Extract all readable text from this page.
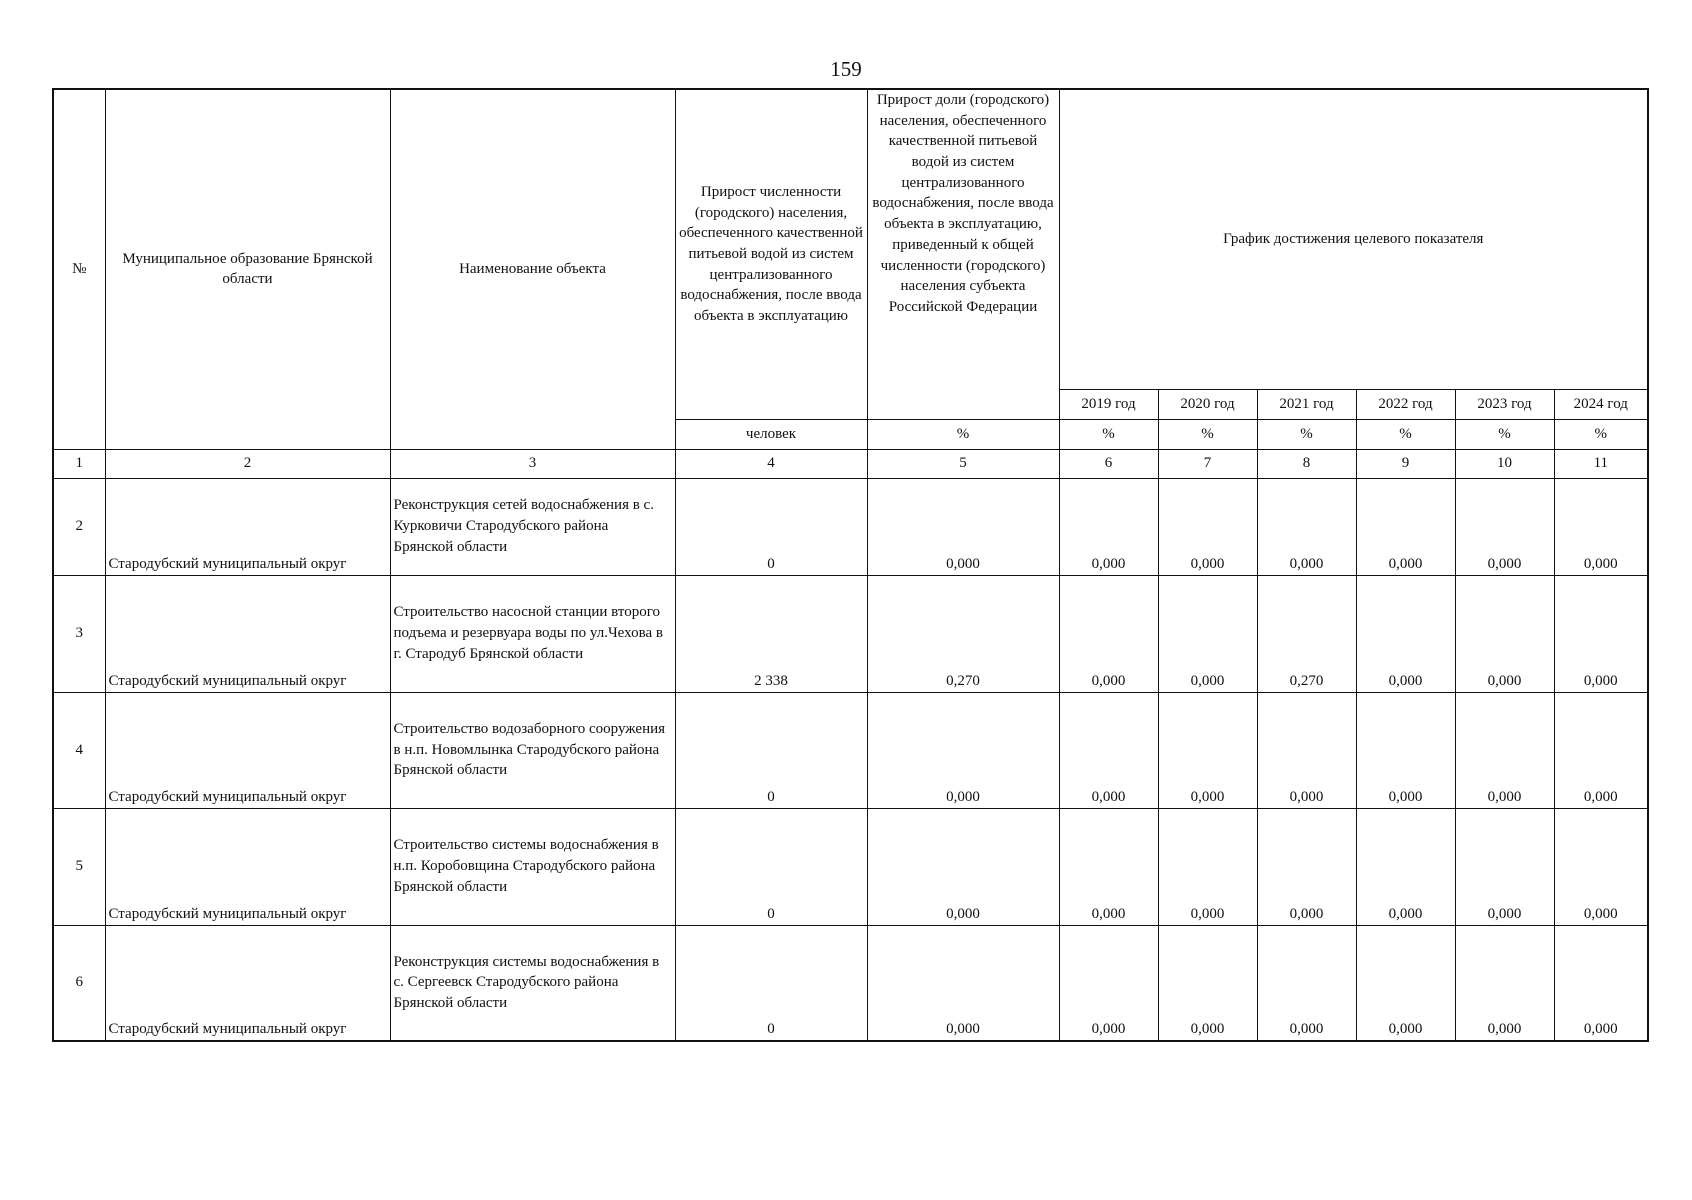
159
№	Муниципальное образование Брянской области	Наименование объекта	Прирост численности (городского) населения, обеспеченного качественной питьевой водой из систем централизованного водоснабжения, после ввода объекта в эксплуатацию	Прирост доли (городского) населения, обеспеченного качественной питьевой водой из систем централизованного водоснабжения, после ввода объекта в эксплуатацию, приведенный к общей численности (городского) населения субъекта Российской Федерации	График достижения целевого показателя					
					2019 год	2020 год	2021 год	2022 год	2023 год	2024 год
			человек	%	%	%	%	%	%	%
1	2	3	4	5	6	7	8	9	10	11
2	Стародубский муниципальный округ	Реконструкция сетей водоснабжения в с. Курковичи Стародубского района Брянской области	0	0,000	0,000	0,000	0,000	0,000	0,000	0,000
3	Стародубский муниципальный округ	Строительство насосной станции второго подъема и резервуара воды по ул.Чехова в г. Стародуб Брянской области	2 338	0,270	0,000	0,000	0,270	0,000	0,000	0,000
4	Стародубский муниципальный округ	Строительство водозаборного сооружения в н.п. Новомлынка Стародубского района Брянской области	0	0,000	0,000	0,000	0,000	0,000	0,000	0,000
5	Стародубский муниципальный округ	Строительство системы водоснабжения в н.п. Коробовщина Стародубского района Брянской области	0	0,000	0,000	0,000	0,000	0,000	0,000	0,000
6	Стародубский муниципальный округ	Реконструкция системы водоснабжения в с. Сергеевск Стародубского района Брянской области	0	0,000	0,000	0,000	0,000	0,000	0,000	0,000
